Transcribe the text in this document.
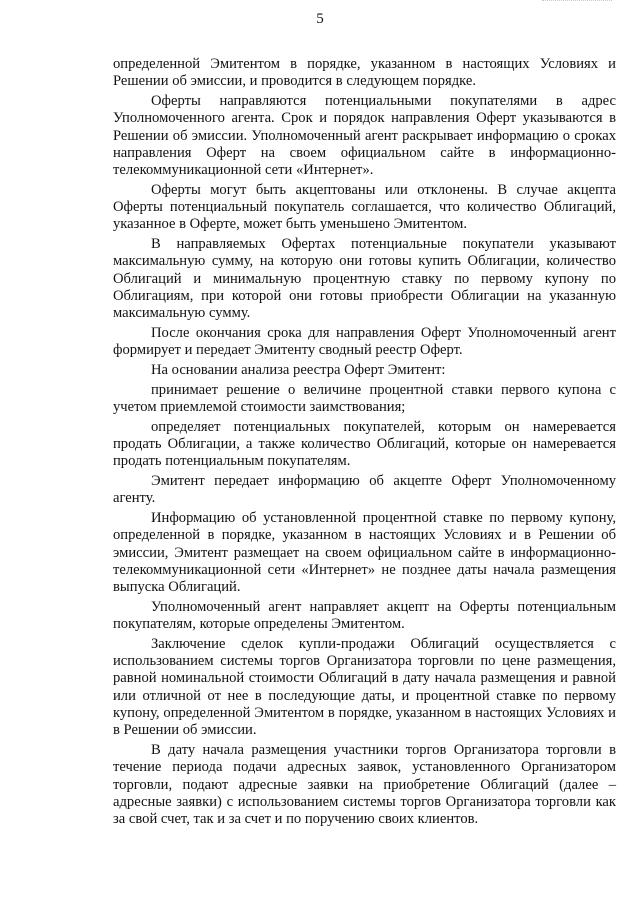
5

определенной Эмитентом в порядке, указанном в настоящих Условиях и Решении об эмиссии, и проводится в следующем порядке.

Оферты направляются потенциальными покупателями в адрес Уполномоченного агента. Срок и порядок направления Оферт указываются в Решении об эмиссии. Уполномоченный агент раскрывает информацию о сроках направления Оферт на своем официальном сайте в информационно-телекоммуникационной сети «Интернет».

Оферты могут быть акцептованы или отклонены. В случае акцепта Оферты потенциальный покупатель соглашается, что количество Облигаций, указанное в Оферте, может быть уменьшено Эмитентом.

В направляемых Офертах потенциальные покупатели указывают максимальную сумму, на которую они готовы купить Облигации, количество Облигаций и минимальную процентную ставку по первому купону по Облигациям, при которой они готовы приобрести Облигации на указанную максимальную сумму.

После окончания срока для направления Оферт Уполномоченный агент формирует и передает Эмитенту сводный реестр Оферт.

На основании анализа реестра Оферт Эмитент:

принимает решение о величине процентной ставки первого купона с учетом приемлемой стоимости заимствования;

определяет потенциальных покупателей, которым он намеревается продать Облигации, а также количество Облигаций, которые он намеревается продать потенциальным покупателям.

Эмитент передает информацию об акцепте Оферт Уполномоченному агенту.

Информацию об установленной процентной ставке по первому купону, определенной в порядке, указанном в настоящих Условиях и в Решении об эмиссии, Эмитент размещает на своем официальном сайте в информационно-телекоммуникационной сети «Интернет» не позднее даты начала размещения выпуска Облигаций.

Уполномоченный агент направляет акцепт на Оферты потенциальным покупателям, которые определены Эмитентом.

Заключение сделок купли-продажи Облигаций осуществляется с использованием системы торгов Организатора торговли по цене размещения, равной номинальной стоимости Облигаций в дату начала размещения и равной или отличной от нее в последующие даты, и процентной ставке по первому купону, определенной Эмитентом в порядке, указанном в настоящих Условиях и в Решении об эмиссии.

В дату начала размещения участники торгов Организатора торговли в течение периода подачи адресных заявок, установленного Организатором торговли, подают адресные заявки на приобретение Облигаций (далее – адресные заявки) с использованием системы торгов Организатора торговли как за свой счет, так и за счет и по поручению своих клиентов.
